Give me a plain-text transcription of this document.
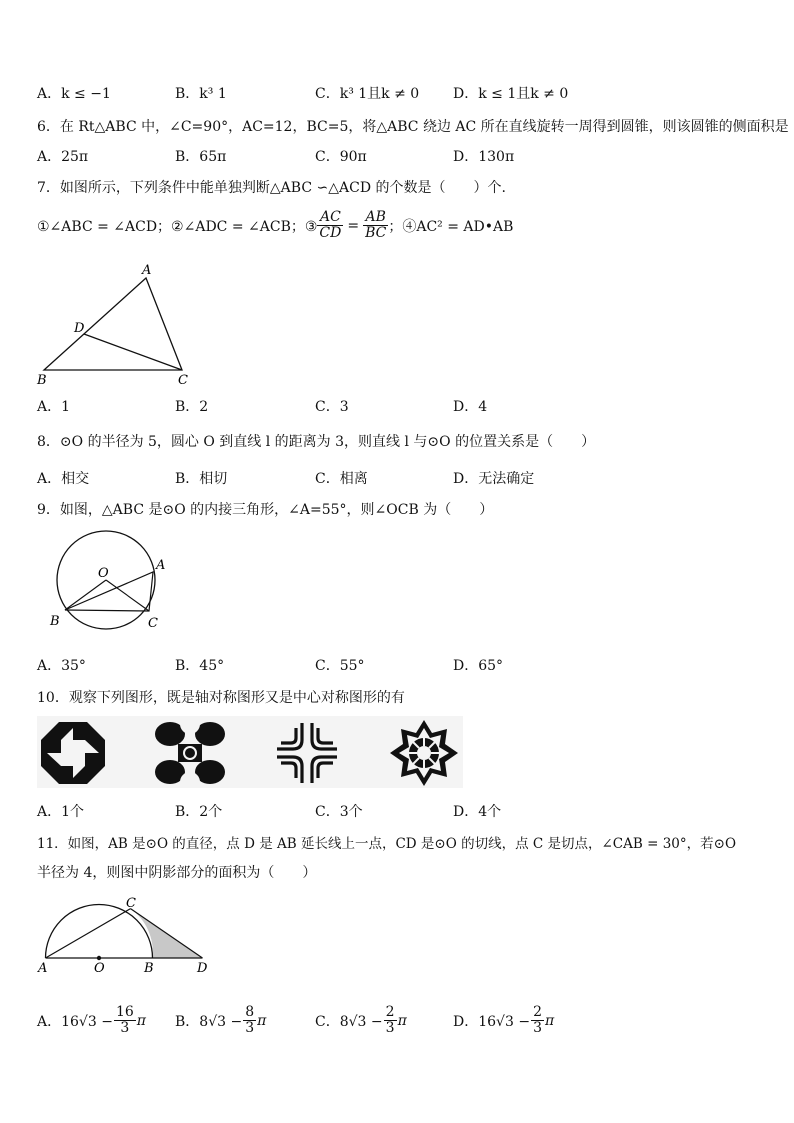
A．k ≤ −1	B．k³ 1	C．k³ 1且k ≠ 0 D．k ≤ 1且k ≠ 0
6．在 Rt△ABC 中，∠C=90°，AC=12，BC=5，将△ABC 绕边 AC 所在直线旋转一周得到圆锥，则该圆锥的侧面积是
A．25π	B．65π	C．90π	D．130π
7．如图所示，下列条件中能单独判断△ABC ∽△ACD 的个数是（　　）个.
①∠ABC = ∠ACD；②∠ADC = ∠ACB；③ $\frac{AC}{CD} = \frac{AB}{BC}$ ；④AC² = AD•AB
A
D
B	C
A．1	B．2	C．3	D．4
8．⊙O 的半径为 5，圆心 O 到直线 l 的距离为 3，则直线 l 与⊙O 的位置关系是（　　）
A．相交	B．相切	C．相离	D．无法确定
9．如图，△ABC 是⊙O 的内接三角形，∠A=55°，则∠OCB 为（　　）
O
A
B	C
A．35°	B．45°	C．55°	D．65°
10．观察下列图形，既是轴对称图形又是中心对称图形的有
A．1个	B．2个	C．3个	D．4个
11．如图，AB 是⊙O 的直径，点 D 是 AB 延长线上一点，CD 是⊙O 的切线，点 C 是切点，∠CAB = 30°，若⊙O
半径为 4，则图中阴影部分的面积为（　　）
C
A	O	B	D
A．$16√3 - \frac{16}{3}$ π B．$8√3 - \frac{8}{3}$ π	C．$8√3 - \frac{2}{3}$ π	D．$16√3 - \frac{2}{3}$ π
